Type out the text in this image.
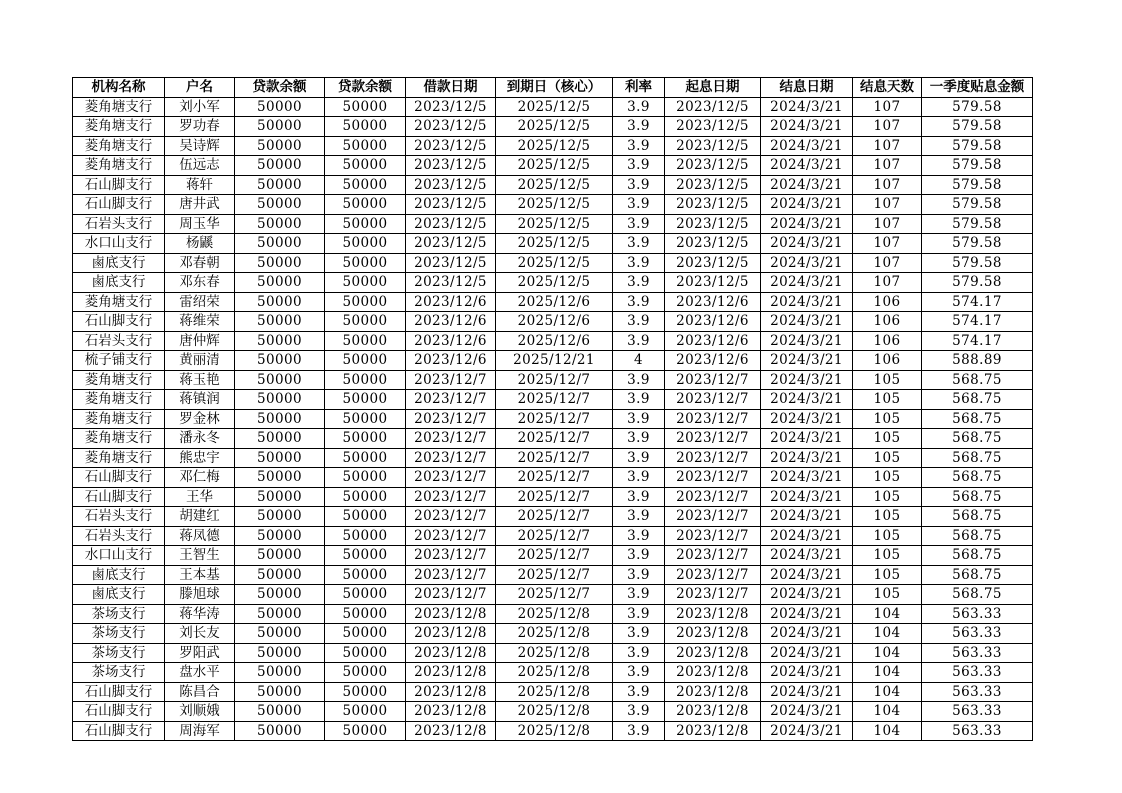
机构名称	户名	贷款余额	贷款余额	借款日期	到期日（核心）	利率	起息日期	结息日期	结息天数	一季度贴息金额
菱角塘支行	刘小军	50000	50000	2023/12/5	2025/12/5	3.9	2023/12/5	2024/3/21	107	579.58
菱角塘支行	罗功春	50000	50000	2023/12/5	2025/12/5	3.9	2023/12/5	2024/3/21	107	579.58
菱角塘支行	吴诗辉	50000	50000	2023/12/5	2025/12/5	3.9	2023/12/5	2024/3/21	107	579.58
菱角塘支行	伍远志	50000	50000	2023/12/5	2025/12/5	3.9	2023/12/5	2024/3/21	107	579.58
石山脚支行	蒋轩	50000	50000	2023/12/5	2025/12/5	3.9	2023/12/5	2024/3/21	107	579.58
石山脚支行	唐井武	50000	50000	2023/12/5	2025/12/5	3.9	2023/12/5	2024/3/21	107	579.58
石岩头支行	周玉华	50000	50000	2023/12/5	2025/12/5	3.9	2023/12/5	2024/3/21	107	579.58
水口山支行	杨鼷	50000	50000	2023/12/5	2025/12/5	3.9	2023/12/5	2024/3/21	107	579.58
鹵底支行	邓春朝	50000	50000	2023/12/5	2025/12/5	3.9	2023/12/5	2024/3/21	107	579.58
鹵底支行	邓东春	50000	50000	2023/12/5	2025/12/5	3.9	2023/12/5	2024/3/21	107	579.58
菱角塘支行	雷绍荣	50000	50000	2023/12/6	2025/12/6	3.9	2023/12/6	2024/3/21	106	574.17
石山脚支行	蒋维荣	50000	50000	2023/12/6	2025/12/6	3.9	2023/12/6	2024/3/21	106	574.17
石岩头支行	唐仲辉	50000	50000	2023/12/6	2025/12/6	3.9	2023/12/6	2024/3/21	106	574.17
梳子铺支行	黄丽清	50000	50000	2023/12/6	2025/12/21	4	2023/12/6	2024/3/21	106	588.89
菱角塘支行	蒋玉艳	50000	50000	2023/12/7	2025/12/7	3.9	2023/12/7	2024/3/21	105	568.75
菱角塘支行	蒋镇润	50000	50000	2023/12/7	2025/12/7	3.9	2023/12/7	2024/3/21	105	568.75
菱角塘支行	罗金林	50000	50000	2023/12/7	2025/12/7	3.9	2023/12/7	2024/3/21	105	568.75
菱角塘支行	潘永冬	50000	50000	2023/12/7	2025/12/7	3.9	2023/12/7	2024/3/21	105	568.75
菱角塘支行	熊忠宇	50000	50000	2023/12/7	2025/12/7	3.9	2023/12/7	2024/3/21	105	568.75
石山脚支行	邓仁梅	50000	50000	2023/12/7	2025/12/7	3.9	2023/12/7	2024/3/21	105	568.75
石山脚支行	王华	50000	50000	2023/12/7	2025/12/7	3.9	2023/12/7	2024/3/21	105	568.75
石岩头支行	胡建红	50000	50000	2023/12/7	2025/12/7	3.9	2023/12/7	2024/3/21	105	568.75
石岩头支行	蒋凤德	50000	50000	2023/12/7	2025/12/7	3.9	2023/12/7	2024/3/21	105	568.75
水口山支行	王智生	50000	50000	2023/12/7	2025/12/7	3.9	2023/12/7	2024/3/21	105	568.75
鹵底支行	王本基	50000	50000	2023/12/7	2025/12/7	3.9	2023/12/7	2024/3/21	105	568.75
鹵底支行	滕旭球	50000	50000	2023/12/7	2025/12/7	3.9	2023/12/7	2024/3/21	105	568.75
茶场支行	蒋华涛	50000	50000	2023/12/8	2025/12/8	3.9	2023/12/8	2024/3/21	104	563.33
茶场支行	刘长友	50000	50000	2023/12/8	2025/12/8	3.9	2023/12/8	2024/3/21	104	563.33
茶场支行	罗阳武	50000	50000	2023/12/8	2025/12/8	3.9	2023/12/8	2024/3/21	104	563.33
茶场支行	盘水平	50000	50000	2023/12/8	2025/12/8	3.9	2023/12/8	2024/3/21	104	563.33
石山脚支行	陈昌合	50000	50000	2023/12/8	2025/12/8	3.9	2023/12/8	2024/3/21	104	563.33
石山脚支行	刘顺娥	50000	50000	2023/12/8	2025/12/8	3.9	2023/12/8	2024/3/21	104	563.33
石山脚支行	周海军	50000	50000	2023/12/8	2025/12/8	3.9	2023/12/8	2024/3/21	104	563.33
